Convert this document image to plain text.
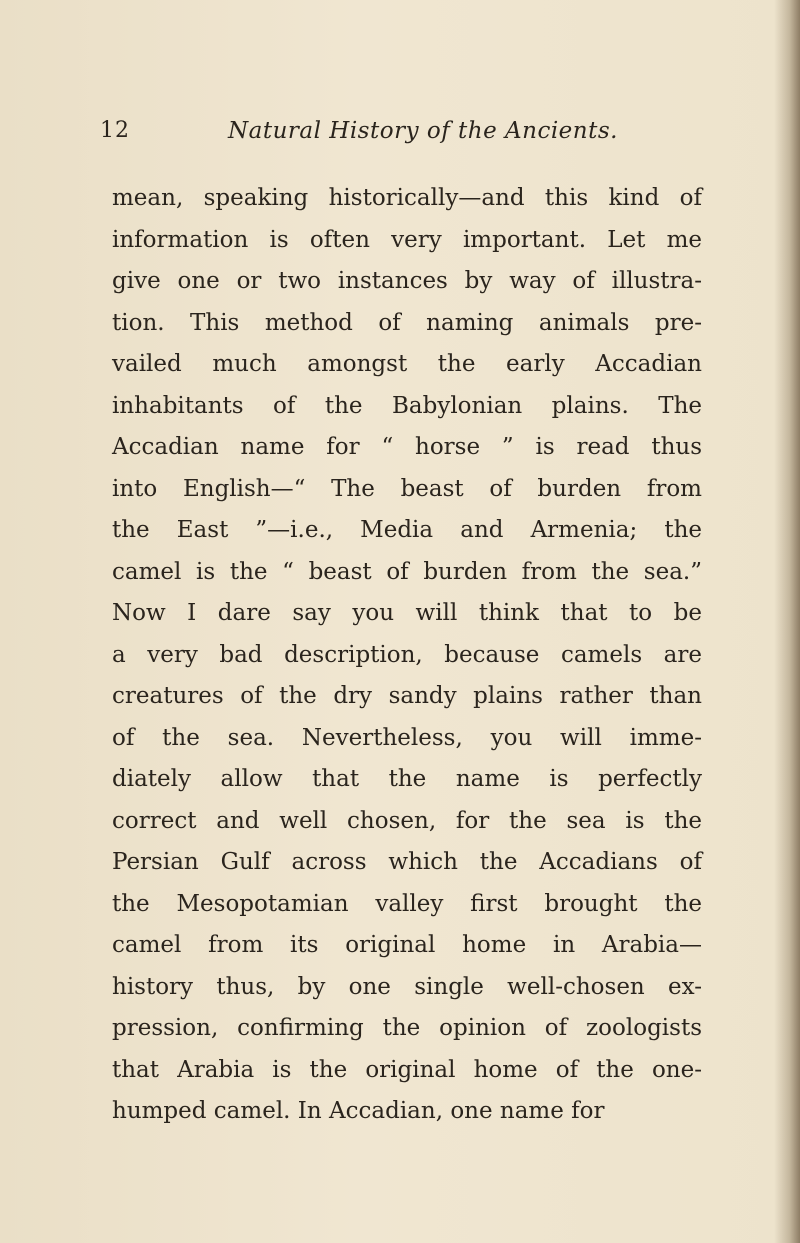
12	Natural History of the Ancients.
mean, speaking historically—and this kind of
information is often very important. Let me
give one or two instances by way of illustra-
tion. This method of naming animals pre-
vailed much amongst the early Accadian
inhabitants of the Babylonian plains. The
Accadian name for “ horse ” is read thus
into English—“ The beast of burden from
the East ”—i.e., Media and Armenia; the
camel is the “ beast of burden from the sea.”
Now I dare say you will think that to be
a very bad description, because camels are
creatures of the dry sandy plains rather than
of the sea. Nevertheless, you will imme-
diately allow that the name is perfectly
correct and well chosen, for the sea is the
Persian Gulf across which the Accadians of
the Mesopotamian valley first brought the
camel from its original home in Arabia—
history thus, by one single well-chosen ex-
pression, confirming the opinion of zoologists
that Arabia is the original home of the one-
humped camel. In Accadian, one name for
